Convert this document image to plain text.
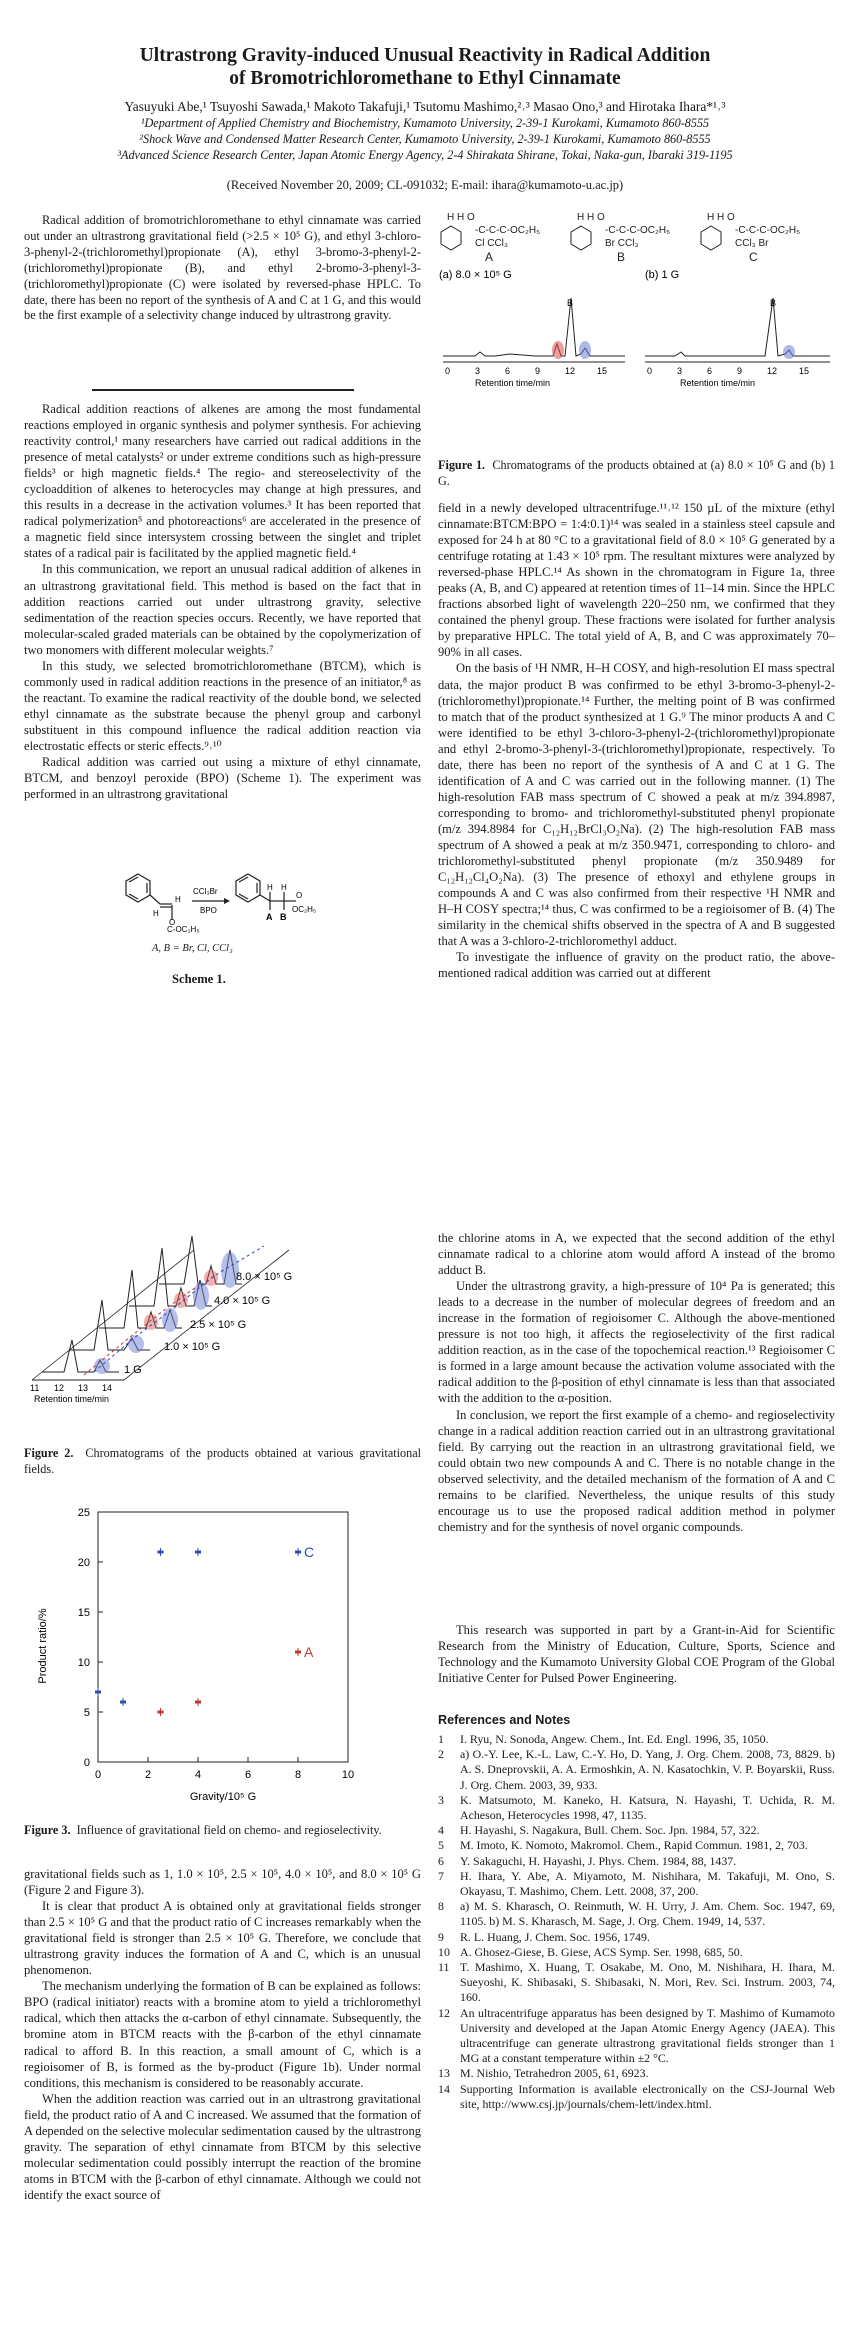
Ultrastrong Gravity-induced Unusual Reactivity in Radical Addition
of Bromotrichloromethane to Ethyl Cinnamate
Yasuyuki Abe,¹ Tsuyoshi Sawada,¹ Makoto Takafuji,¹ Tsutomu Mashimo,²˒³ Masao Ono,³ and Hirotaka Ihara*¹˒³
¹Department of Applied Chemistry and Biochemistry, Kumamoto University, 2-39-1 Kurokami, Kumamoto 860-8555
²Shock Wave and Condensed Matter Research Center, Kumamoto University, 2-39-1 Kurokami, Kumamoto 860-8555
³Advanced Science Research Center, Japan Atomic Energy Agency, 2-4 Shirakata Shirane, Tokai, Naka-gun, Ibaraki 319-1195
(Received November 20, 2009; CL-091032; E-mail: ihara@kumamoto-u.ac.jp)

Radical addition of bromotrichloromethane to ethyl cinnamate was carried out under an ultrastrong gravitational field (>2.5 × 10⁵ G), and ethyl 3-chloro-3-phenyl-2-(trichloromethyl)propionate (A), ethyl 3-bromo-3-phenyl-2-(trichloromethyl)propionate (B), and ethyl 2-bromo-3-phenyl-3-(trichloromethyl)propionate (C) were isolated by reversed-phase HPLC. To date, there has been no report of the synthesis of A and C at 1 G, and this would be the first example of a selectivity change induced by ultrastrong gravity.

Radical addition reactions of alkenes are among the most fundamental reactions employed in organic synthesis and polymer synthesis. For achieving reactivity control,¹ many researchers have carried out radical additions in the presence of metal catalysts² or under extreme conditions such as high-pressure fields³ or high magnetic fields.⁴ The regio- and stereoselectivity of the cycloaddition of alkenes to heterocycles may change at high pressures, and this results in a decrease in the activation volumes.³ It has been reported that radical polymerization⁵ and photoreactions⁶ are accelerated in the presence of a magnetic field since intersystem crossing between the singlet and triplet states of a radical pair is facilitated by the applied magnetic field.⁴

In this communication, we report an unusual radical addition of alkenes in an ultrastrong gravitational field. This method is based on the fact that in addition reactions carried out under ultrastrong gravity, selective sedimentation of the reaction species occurs. Recently, we have reported that molecular-scaled graded materials can be obtained by the copolymerization of two monomers with different molecular weights.⁷

In this study, we selected bromotrichloromethane (BTCM), which is commonly used in radical addition reactions in the presence of an initiator,⁸ as the reactant. To examine the radical reactivity of the double bond, we selected ethyl cinnamate as the substrate because the phenyl group and carbonyl substituent in this compound influence the radical addition reaction via electrostatic effects or steric effects.⁹˒¹⁰

Radical addition was carried out using a mixture of ethyl cinnamate, BTCM, and benzoyl peroxide (BPO) (Scheme 1). The experiment was performed in an ultrastrong gravitational

H
H
C-OC₂H₅
O
CCl₃Br
BPO
H H
A B
O
OC₂H₅
A, B = Br, Cl, CCl₃
Scheme 1.
H H O
-C-C-C-OC₂H₅
Cl CCl₃
A
H H O
-C-C-C-OC₂H₅
Br CCl₃
B
H H O
-C-C-C-OC₂H₅
CCl₃ Br
C
(a) 8.0 × 10⁵ G	(b) 1 G
B	B
0	3	6	9	12 15	0	3	6	9	12 15
Retention time/min	Retention time/min
Figure 1. Chromatograms of the products obtained at (a) 8.0 × 10⁵ G and (b) 1 G.

field in a newly developed ultracentrifuge.¹¹˒¹² 150 µL of the mixture (ethyl cinnamate:BTCM:BPO = 1:4:0.1)¹⁴ was sealed in a stainless steel capsule and exposed for 24 h at 80 °C to a gravitational field of 8.0 × 10⁵ G generated by a centrifuge rotating at 1.43 × 10⁵ rpm. The resultant mixtures were analyzed by reversed-phase HPLC.¹⁴ As shown in the chromatogram in Figure 1a, three peaks (A, B, and C) appeared at retention times of 11–14 min. Since the HPLC fractions absorbed light of wavelength 220–250 nm, we confirmed that they contained the phenyl group. These fractions were isolated for further analysis by preparative HPLC. The total yield of A, B, and C was approximately 70–90% in all cases.

On the basis of ¹H NMR, H–H COSY, and high-resolution EI mass spectral data, the major product B was confirmed to be ethyl 3-bromo-3-phenyl-2-(trichloromethyl)propionate.¹⁴ Further, the melting point of B was confirmed to match that of the product synthesized at 1 G.⁹ The minor products A and C were identified to be ethyl 3-chloro-3-phenyl-2-(trichloromethyl)propionate and ethyl 2-bromo-3-phenyl-3-(trichloromethyl)propionate, respectively. To date, there has been no report of the synthesis of A and C at 1 G. The identification of A and C was carried out in the following manner. (1) The high-resolution FAB mass spectrum of C showed a peak at m/z 394.8987, corresponding to bromo- and trichloromethyl-substituted phenyl propionate (m/z 394.8984 for C₁₂H₁₂BrCl₃O₂Na). (2) The high-resolution FAB mass spectrum of A showed a peak at m/z 350.9471, corresponding to chloro- and trichloromethyl-substituted phenyl propionate (m/z 350.9489 for C₁₂H₁₂Cl₄O₂Na). (3) The presence of ethoxyl and ethylene groups in compounds A and C was also confirmed from their respective ¹H NMR and H–H COSY spectra;¹⁴ thus, C was confirmed to be a regioisomer of B. (4) The similarity in the chemical shifts observed in the spectra of A and B suggested that A was a 3-chloro-2-trichloromethyl adduct.

To investigate the influence of gravity on the product ratio, the above-mentioned radical addition was carried out at different

8.0 × 10⁵ G
4.0 × 10⁵ G
2.5 × 10⁵ G
1.0 × 10⁵ G
1 G
11 12 13 14
Retention time/min
Figure 2. Chromatograms of the products obtained at various gravitational fields.
0
5
10
15
20
25
0	2	4	6	8	10
C
A
Product ratio/%
Gravity/10⁵ G
Figure 3. Influence of gravitational field on chemo- and regioselectivity.

gravitational fields such as 1, 1.0 × 10⁵, 2.5 × 10⁵, 4.0 × 10⁵, and 8.0 × 10⁵ G (Figure 2 and Figure 3).

It is clear that product A is obtained only at gravitational fields stronger than 2.5 × 10⁵ G and that the product ratio of C increases remarkably when the gravitational field is stronger than 2.5 × 10⁵ G. Therefore, we conclude that ultrastrong gravity induces the formation of A and C, which is an unusual phenomenon.

The mechanism underlying the formation of B can be explained as follows: BPO (radical initiator) reacts with a bromine atom to yield a trichloromethyl radical, which then attacks the α-carbon of ethyl cinnamate. Subsequently, the bromine atom in BTCM reacts with the β-carbon of the ethyl cinnamate radical to afford B. In this reaction, a small amount of C, which is a regioisomer of B, is formed as the by-product (Figure 1b). Under normal conditions, this mechanism is considered to be reasonably accurate.

When the addition reaction was carried out in an ultrastrong gravitational field, the product ratio of A and C increased. We assumed that the formation of A depended on the selective molecular sedimentation caused by the ultrastrong gravity. The separation of ethyl cinnamate from BTCM by this selective molecular sedimentation could possibly interrupt the reaction of the bromine atoms in BTCM with the β-carbon of ethyl cinnamate. Although we could not identify the exact source of

the chlorine atoms in A, we expected that the second addition of the ethyl cinnamate radical to a chlorine atom would afford A instead of the bromo adduct B.

Under the ultrastrong gravity, a high-pressure of 10⁴ Pa is generated; this leads to a decrease in the number of molecular degrees of freedom and an increase in the formation of regioisomer C. Although the above-mentioned pressure is not too high, it affects the regioselectivity of the first radical addition reaction, as in the case of the topochemical reaction.¹³ Regioisomer C is formed in a large amount because the activation volume associated with the radical addition to the β-position of ethyl cinnamate is less than that associated with the addition to the α-position.

In conclusion, we report the first example of a chemo- and regioselectivity change in a radical addition reaction carried out in an ultrastrong gravitational field. By carrying out the reaction in an ultrastrong gravitational field, we could obtain two new compounds A and C. There is no notable change in the observed selectivity, and the detailed mechanism of the formation of A and C remains to be clarified. Nevertheless, the unique results of this study encourage us to use the proposed radical addition method in polymer chemistry and for the synthesis of novel organic compounds.

This research was supported in part by a Grant-in-Aid for Scientific Research from the Ministry of Education, Culture, Sports, Science and Technology and the Kumamoto University Global COE Program of the Global Initiative Center for Pulsed Power Engineering.

References and Notes
1	I. Ryu, N. Sonoda, Angew. Chem., Int. Ed. Engl. 1996, 35, 1050.
2	a) O.-Y. Lee, K.-L. Law, C.-Y. Ho, D. Yang, J. Org. Chem. 2008, 73, 8829. b) A. S. Dneprovskii, A. A. Ermoshkin, A. N. Kasatochkin, V. P. Boyarskii, Russ. J. Org. Chem. 2003, 39, 933.
3	K. Matsumoto, M. Kaneko, H. Katsura, N. Hayashi, T. Uchida, R. M. Acheson, Heterocycles 1998, 47, 1135.
4	H. Hayashi, S. Nagakura, Bull. Chem. Soc. Jpn. 1984, 57, 322.
5	M. Imoto, K. Nomoto, Makromol. Chem., Rapid Commun. 1981, 2, 703.
6	Y. Sakaguchi, H. Hayashi, J. Phys. Chem. 1984, 88, 1437.
7	H. Ihara, Y. Abe, A. Miyamoto, M. Nishihara, M. Takafuji, M. Ono, S. Okayasu, T. Mashimo, Chem. Lett. 2008, 37, 200.
8	a) M. S. Kharasch, O. Reinmuth, W. H. Urry, J. Am. Chem. Soc. 1947, 69, 1105. b) M. S. Kharasch, M. Sage, J. Org. Chem. 1949, 14, 537.
9	R. L. Huang, J. Chem. Soc. 1956, 1749.
10 A. Ghosez-Giese, B. Giese, ACS Symp. Ser. 1998, 685, 50.
11 T. Mashimo, X. Huang, T. Osakabe, M. Ono, M. Nishihara, H. Ihara, M. Sueyoshi, K. Shibasaki, S. Shibasaki, N. Mori, Rev. Sci. Instrum. 2003, 74, 160.
12 An ultracentrifuge apparatus has been designed by T. Mashimo of Kumamoto University and developed at the Japan Atomic Energy Agency (JAEA). This ultracentrifuge can generate ultrastrong gravitational fields stronger than 1 MG at a constant temperature within ±2 °C.
13 M. Nishio, Tetrahedron 2005, 61, 6923.
14 Supporting Information is available electronically on the CSJ-Journal Web site, http://www.csj.jp/journals/chem-lett/index.html.
